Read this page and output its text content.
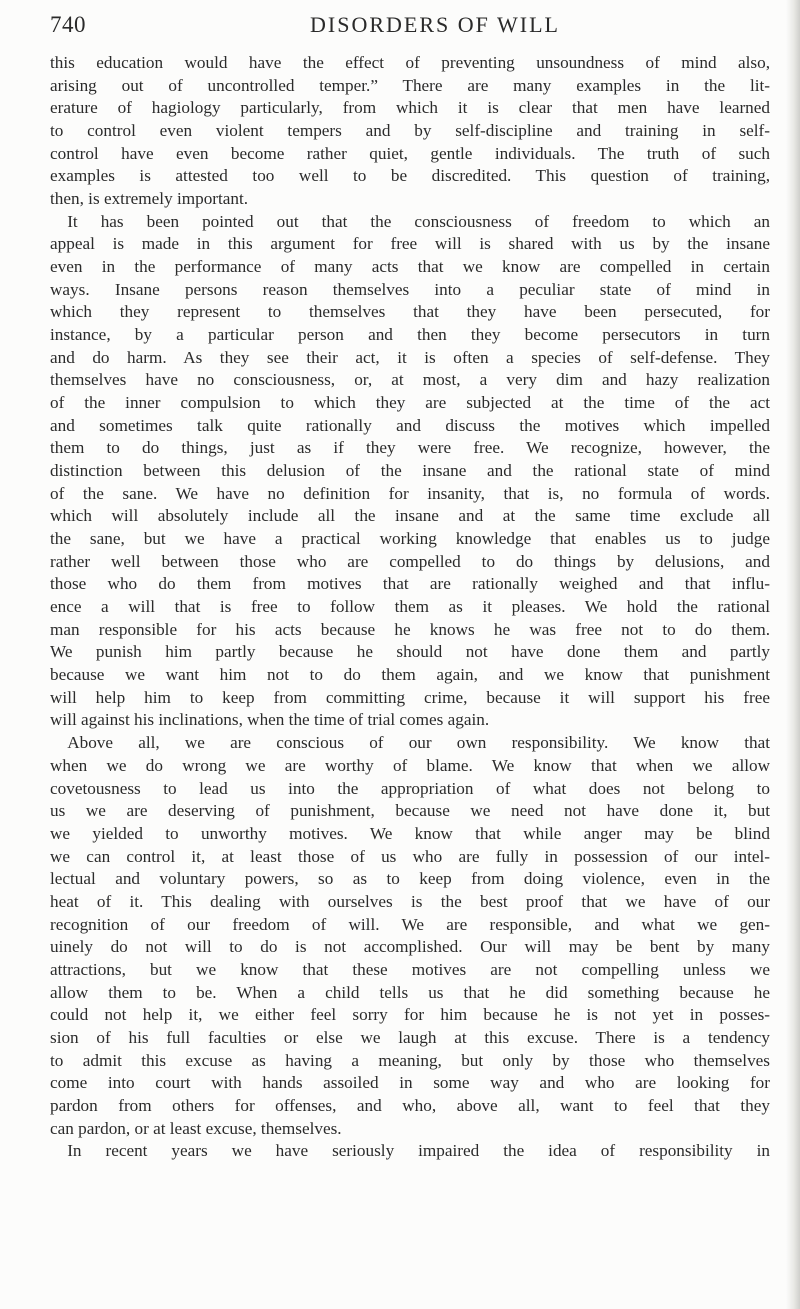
740	DISORDERS OF WILL
this education would have the effect of preventing unsoundness of mind also,
arising out of uncontrolled temper.” There are many examples in the lit-
erature of hagiology particularly, from which it is clear that men have learned
to control even violent tempers and by self-discipline and training in self-
control have even become rather quiet, gentle individuals. The truth of such
examples is attested too well to be discredited. This question of training,
then, is extremely important.
 It has been pointed out that the consciousness of freedom to which an
appeal is made in this argument for free will is shared with us by the insane
even in the performance of many acts that we know are compelled in certain
ways. Insane persons reason themselves into a peculiar state of mind in
which they represent to themselves that they have been persecuted, for
instance, by a particular person and then they become persecutors in turn
and do harm. As they see their act, it is often a species of self-defense. They
themselves have no consciousness, or, at most, a very dim and hazy realization
of the inner compulsion to which they are subjected at the time of the act
and sometimes talk quite rationally and discuss the motives which impelled
them to do things, just as if they were free. We recognize, however, the
distinction between this delusion of the insane and the rational state of mind
of the sane. We have no definition for insanity, that is, no formula of words.
which will absolutely include all the insane and at the same time exclude all
the sane, but we have a practical working knowledge that enables us to judge
rather well between those who are compelled to do things by delusions, and
those who do them from motives that are rationally weighed and that influ-
ence a will that is free to follow them as it pleases. We hold the rational
man responsible for his acts because he knows he was free not to do them.
We punish him partly because he should not have done them and partly
because we want him not to do them again, and we know that punishment
will help him to keep from committing crime, because it will support his free
will against his inclinations, when the time of trial comes again.
 Above all, we are conscious of our own responsibility. We know that
when we do wrong we are worthy of blame. We know that when we allow
covetousness to lead us into the appropriation of what does not belong to
us we are deserving of punishment, because we need not have done it, but
we yielded to unworthy motives. We know that while anger may be blind
we can control it, at least those of us who are fully in possession of our intel-
lectual and voluntary powers, so as to keep from doing violence, even in the
heat of it. This dealing with ourselves is the best proof that we have of our
recognition of our freedom of will. We are responsible, and what we gen-
uinely do not will to do is not accomplished. Our will may be bent by many
attractions, but we know that these motives are not compelling unless we
allow them to be. When a child tells us that he did something because he
could not help it, we either feel sorry for him because he is not yet in posses-
sion of his full faculties or else we laugh at this excuse. There is a tendency
to admit this excuse as having a meaning, but only by those who themselves
come into court with hands assoiled in some way and who are looking for
pardon from others for offenses, and who, above all, want to feel that they
can pardon, or at least excuse, themselves.
 In recent years we have seriously impaired the idea of responsibility in
